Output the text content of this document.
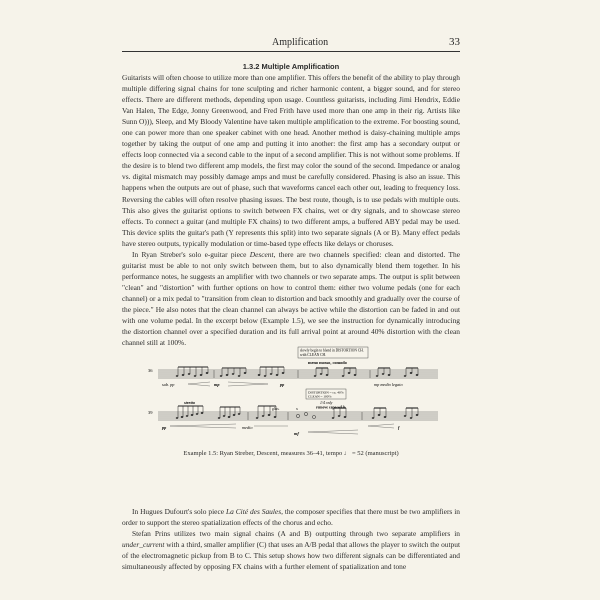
Amplification	33
1.3.2 Multiple Amplification

Guitarists will often choose to utilize more than one amplifier. This offers the benefit of the ability to play through multiple differing signal chains for tone sculpting and richer harmonic content, a bigger sound, and for stereo effects. There are different methods, depending upon usage. Countless guitarists, including Jimi Hendrix, Eddie Van Halen, The Edge, Jonny Greenwood, and Fred Frith have used more than one amp in their rig. Artists like Sunn O))), Sleep, and My Bloody Valentine have taken multiple amplification to the extreme. For boosting sound, one can power more than one speaker cabinet with one head. Another method is daisy-chaining multiple amps together by taking the output of one amp and putting it into another: the first amp has a secondary output or effects loop connected via a second cable to the input of a second amplifier. This is not without some problems. If the desire is to blend two different amp models, the first may color the sound of the second. Impedance or analog vs. digital mismatch may possibly damage amps and must be carefully considered. Phasing is also an issue. This happens when the outputs are out of phase, such that waveforms cancel each other out, leading to frequency loss. Reversing the cables will often resolve phasing issues. The best route, though, is to use pedals with multiple outs. This also gives the guitarist options to switch between FX chains, wet or dry signals, and to showcase stereo effects. To connect a guitar (and multiple FX chains) to two different amps, a buffered ABY pedal may be used. This device splits the guitar's path (Y represents this split) into two separate signals (A or B). Many effect pedals have stereo outputs, typically modulation or time-based type effects like delays or choruses.

In Ryan Streber's solo e-guitar piece Descent, there are two channels specified: clean and distorted. The guitarist must be able to not only switch between them, but to also dynamically blend them together. In his performance notes, he suggests an amplifier with two channels or two separate amps. The output is split between "clean" and "distortion" with further options on how to control them: either two volume pedals (one for each channel) or a mix pedal to "transition from clean to distortion and back smoothly and gradually over the course of the piece." He also notes that the clean channel can always be active while the distortion can be faded in and out with one volume pedal. In the excerpt below (Example 1.5), we see the instruction for dynamically introducing the distortion channel over a specified duration and its full arrival point at around 40% distortion with the clean channel still at 100%.

36
slowly begin to blend in DISTORTION CH.
with CLEAN CH.
meno mosso, comodo
sub. pp	mp	pp	mp medio legato
39
DISTORTION ~ ca. 40%
CLEAN ~ 100%
1/4 only
remove capo w/l.h.
gliss.	x
stretto
medio
pp
mf
f
Example 1.5: Ryan Streber, Descent, measures 36–41, tempo ♩ = 52 (manuscript)

In Hugues Dufourt's solo piece La Cité des Saules, the composer specifies that there must be two amplifiers in order to support the stereo spatialization effects of the chorus and echo.

Stefan Prins utilizes two main signal chains (A and B) outputting through two separate amplifiers in under_current with a third, smaller amplifier (C) that uses an A/B pedal that allows the player to switch the output of the electromagnetic pickup from B to C. This setup shows how two different signals can be differentiated and simultaneously affected by opposing FX chains with a further element of spatialization and tone
